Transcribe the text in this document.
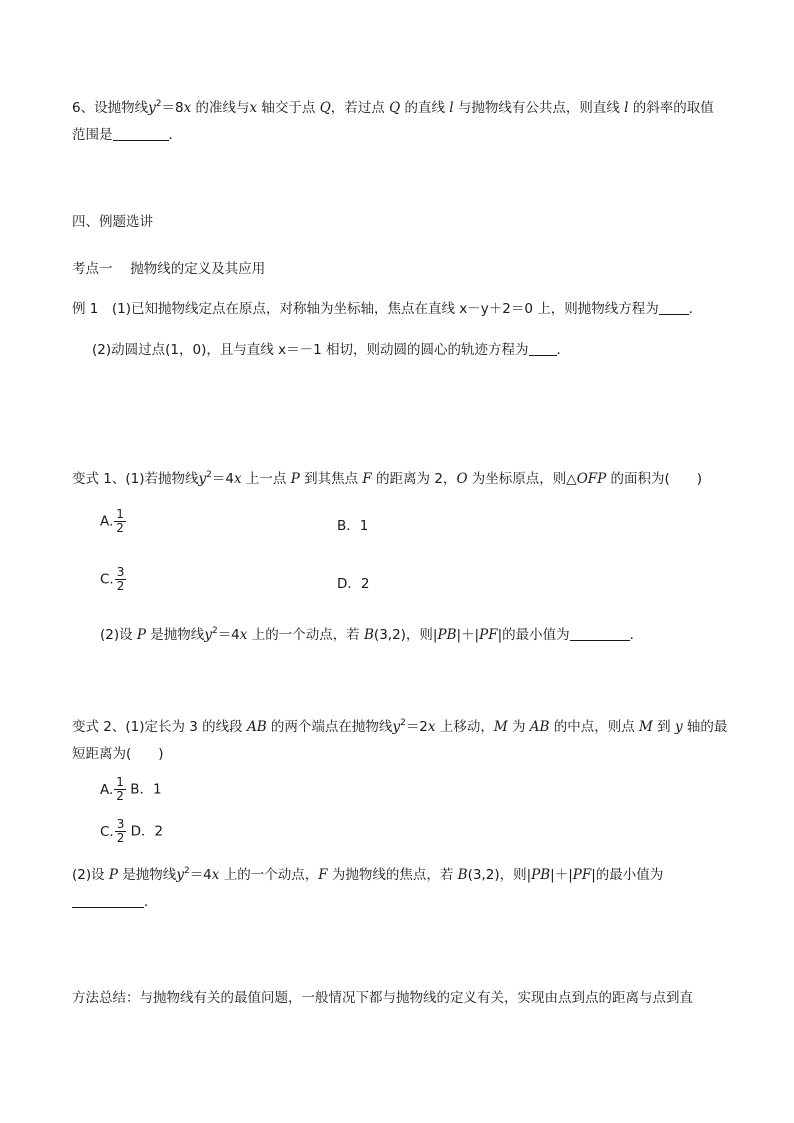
6、设抛物线$y^2=8x$ 的准线与x 轴交于点 Q，若过点 Q 的直线 l 与抛物线有公共点，则直线 l 的斜率的取值
范围是	．
四、例题选讲
考点一　 抛物线的定义及其应用
例 1　(1)已知抛物线定点在原点，对称轴为坐标轴，焦点在直线 x－y＋2＝0 上，则抛物线方程为 ．
(2)动圆过点(1，0)，且与直线 x＝－1 相切，则动圆的圆心的轨迹方程为 ．
变式 1、(1)若抛物线$y^2=4x$ 上一点 P 到其焦点 F 的距离为 2，O 为坐标原点，则△OFP 的面积为(　　)
A. $\frac{1}{2}$	B．1
C. $\frac{3}{2}$	D．2
(2)设 P 是抛物线$y^2=4x$ 上的一个动点，若 B(3,2)，则|PB|＋|PF|的最小值为	．
变式 2、(1)定长为 3 的线段 AB 的两个端点在抛物线$y^2=2x$ 上移动，M 为 AB 的中点，则点 M 到 y 轴的最
短距离为(　　)
A. $\frac{1}{2}$ B．1
C. $\frac{3}{2}$ D．2
(2)设 P 是抛物线$y^2=4x$ 上的一个动点，F 为抛物线的焦点，若 B(3,2)，则|PB|＋|PF|的最小值为
．
方法总结：与抛物线有关的最值问题，一般情况下都与抛物线的定义有关，实现由点到点的距离与点到直
